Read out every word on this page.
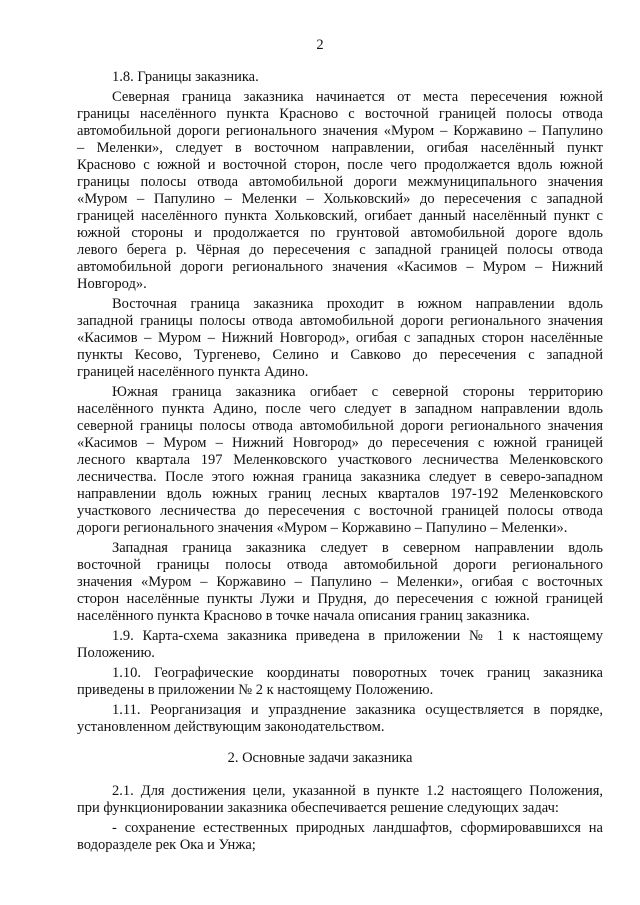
2
1.8. Границы заказника.
Северная граница заказника начинается от места пересечения южной
границы населённого пункта Красново с восточной границей полосы отвода
автомобильной дороги регионального значения «Муром – Коржавино – Папулино
– Меленки», следует в восточном направлении, огибая населённый пункт
Красново с южной и восточной сторон, после чего продолжается вдоль южной
границы полосы отвода автомобильной дороги межмуниципального значения
«Муром – Папулино – Меленки – Хольковский» до пересечения с западной
границей населённого пункта Хольковский, огибает данный населённый пункт с
южной стороны и продолжается по грунтовой автомобильной дороге вдоль
левого берега р. Чёрная до пересечения с западной границей полосы отвода
автомобильной дороги регионального значения «Касимов – Муром – Нижний
Новгород».
Восточная граница заказника проходит в южном направлении вдоль
западной границы полосы отвода автомобильной дороги регионального значения
«Касимов – Муром – Нижний Новгород», огибая с западных сторон населённые
пункты Кесово, Тургенево, Селино и Савково до пересечения с западной
границей населённого пункта Адино.
Южная граница заказника огибает с северной стороны территорию
населённого пункта Адино, после чего следует в западном направлении вдоль
северной границы полосы отвода автомобильной дороги регионального значения
«Касимов – Муром – Нижний Новгород» до пересечения с южной границей
лесного квартала 197 Меленковского участкового лесничества Меленковского
лесничества. После этого южная граница заказника следует в северо-западном
направлении вдоль южных границ лесных кварталов 197-192 Меленковского
участкового лесничества до пересечения с восточной границей полосы отвода
дороги регионального значения «Муром – Коржавино – Папулино – Меленки».
Западная граница заказника следует в северном направлении вдоль
восточной границы полосы отвода автомобильной дороги регионального
значения «Муром – Коржавино – Папулино – Меленки», огибая с восточных
сторон населённые пункты Лужи и Прудня, до пересечения с южной границей
населённого пункта Красново в точке начала описания границ заказника.
1.9. Карта-схема заказника приведена в приложении № 1 к настоящему
Положению.
1.10. Географические координаты поворотных точек границ заказника
приведены в приложении № 2 к настоящему Положению.
1.11. Реорганизация и упразднение заказника осуществляется в порядке,
установленном действующим законодательством.
2. Основные задачи заказника
2.1. Для достижения цели, указанной в пункте 1.2 настоящего Положения,
при функционировании заказника обеспечивается решение следующих задач:
- сохранение естественных природных ландшафтов, сформировавшихся на
водоразделе рек Ока и Унжа;
